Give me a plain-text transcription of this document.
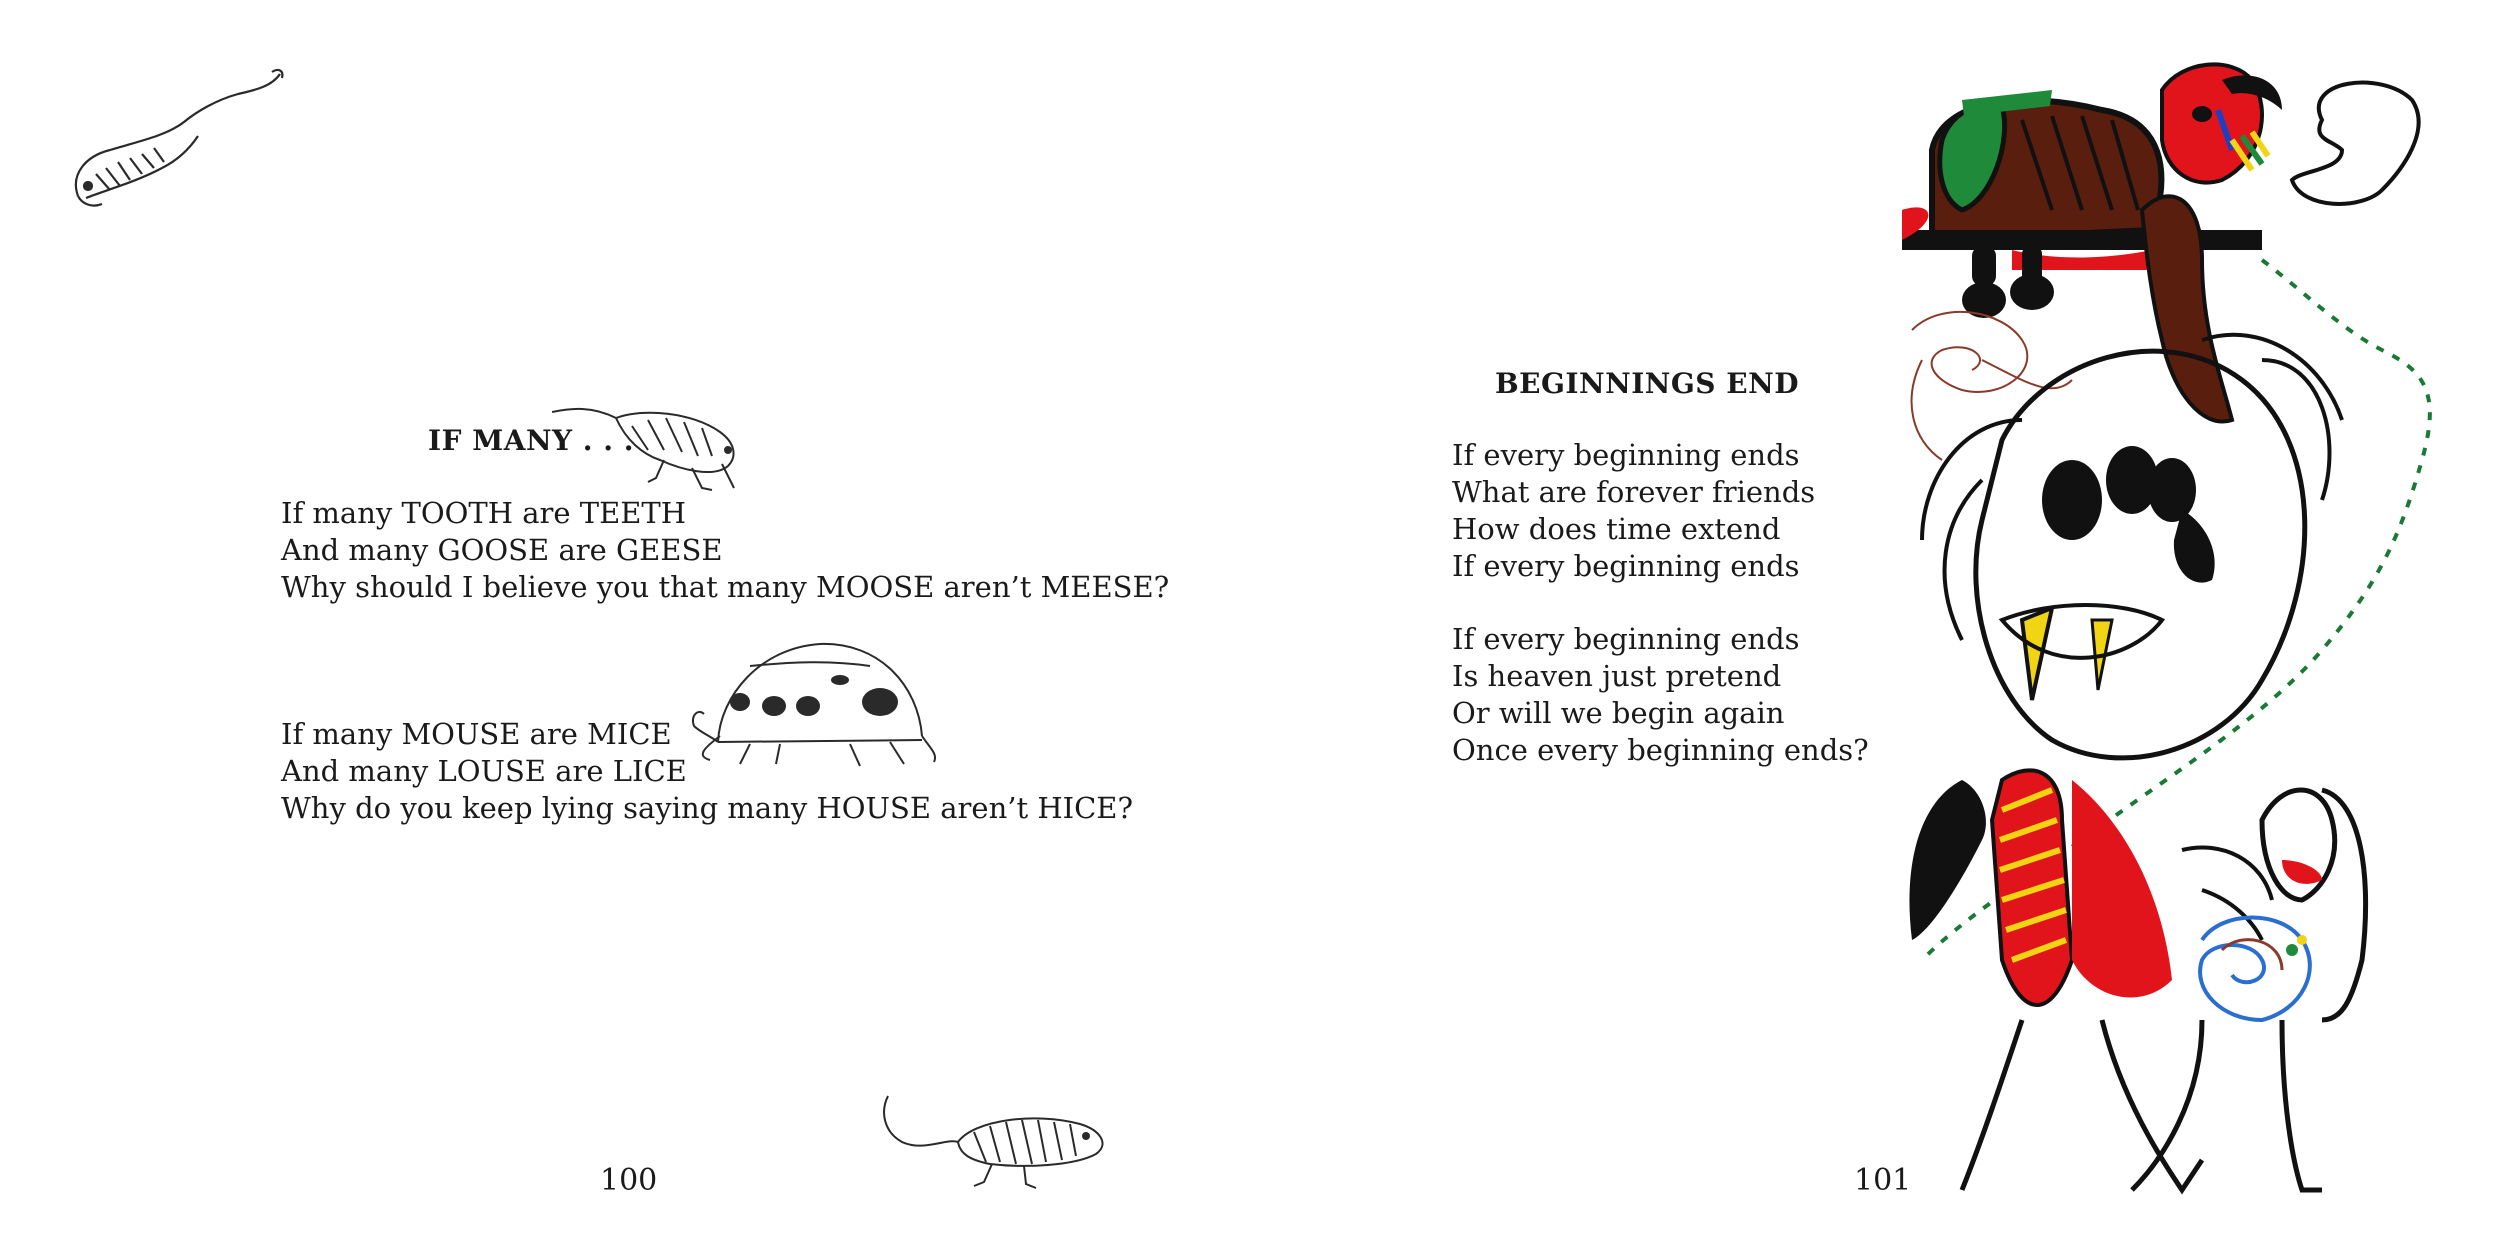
IF MANY . . .
If many TOOTH are TEETH
And many GOOSE are GEESE
Why should I believe you that many MOOSE aren’t MEESE?
If many MOUSE are MICE
And many LOUSE are LICE
Why do you keep lying saying many HOUSE aren’t HICE?
100
BEGINNINGS END
If every beginning ends
What are forever friends
How does time extend
If every beginning ends
If every beginning ends
Is heaven just pretend
Or will we begin again
Once every beginning ends?
101
